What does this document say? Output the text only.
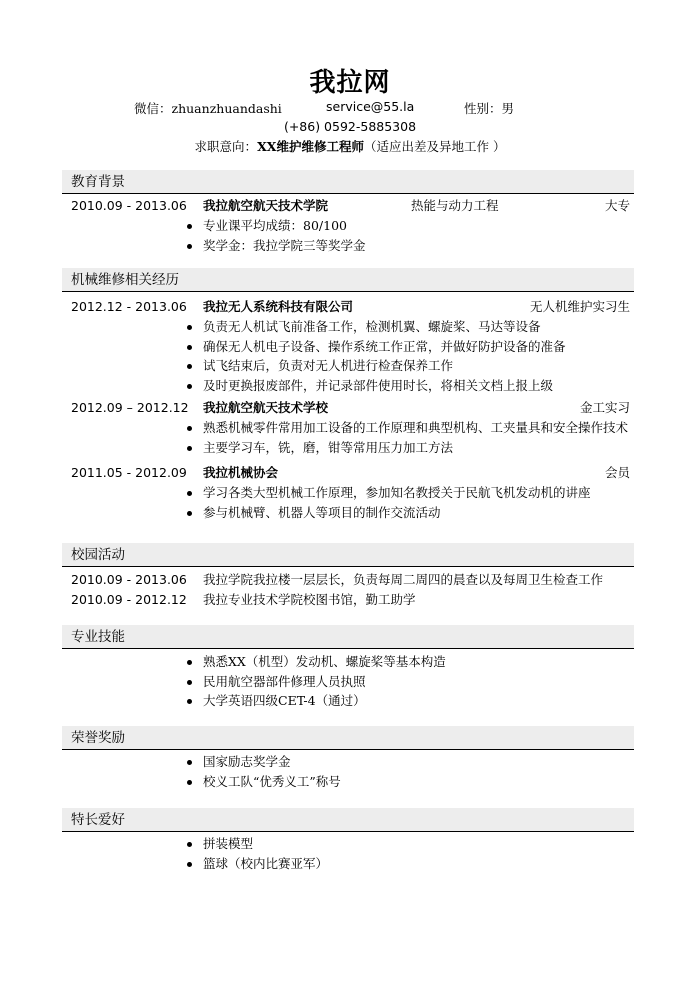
我拉网
微信：zhuanzhuandashi	service@55.la	性别：男
(+86) 0592-5885308
求职意向：XX维护维修工程师（适应出差及异地工作 ）
教育背景
2010.09 - 2013.06 我拉航空航天技术学院	热能与动力工程	大专
专业课平均成绩：80/100
奖学金：我拉学院三等奖学金
机械维修相关经历
2012.12 - 2013.06 我拉无人系统科技有限公司	无人机维护实习生
负责无人机试飞前准备工作，检测机翼、螺旋桨、马达等设备
确保无人机电子设备、操作系统工作正常，并做好防护设备的准备
试飞结束后，负责对无人机进行检查保养工作
及时更换报废部件，并记录部件使用时长，将相关文档上报上级
2012.09 – 2012.12 我拉航空航天技术学校	金工实习
熟悉机械零件常用加工设备的工作原理和典型机构、工夹量具和安全操作技术
主要学习车，铣，磨，钳等常用压力加工方法
2011.05 - 2012.09 我拉机械协会	会员
学习各类大型机械工作原理，参加知名教授关于民航飞机发动机的讲座
参与机械臂、机器人等项目的制作交流活动
校园活动
2010.09 - 2013.06 我拉学院我拉楼一层层长，负责每周二周四的晨查以及每周卫生检查工作
2010.09 - 2012.12 我拉专业技术学院校图书馆，勤工助学
专业技能
熟悉XX（机型）发动机、螺旋桨等基本构造
民用航空器部件修理人员执照
大学英语四级CET-4（通过）
荣誉奖励
国家励志奖学金
校义工队“优秀义工”称号
特长爱好
拼装模型
篮球（校内比赛亚军）
